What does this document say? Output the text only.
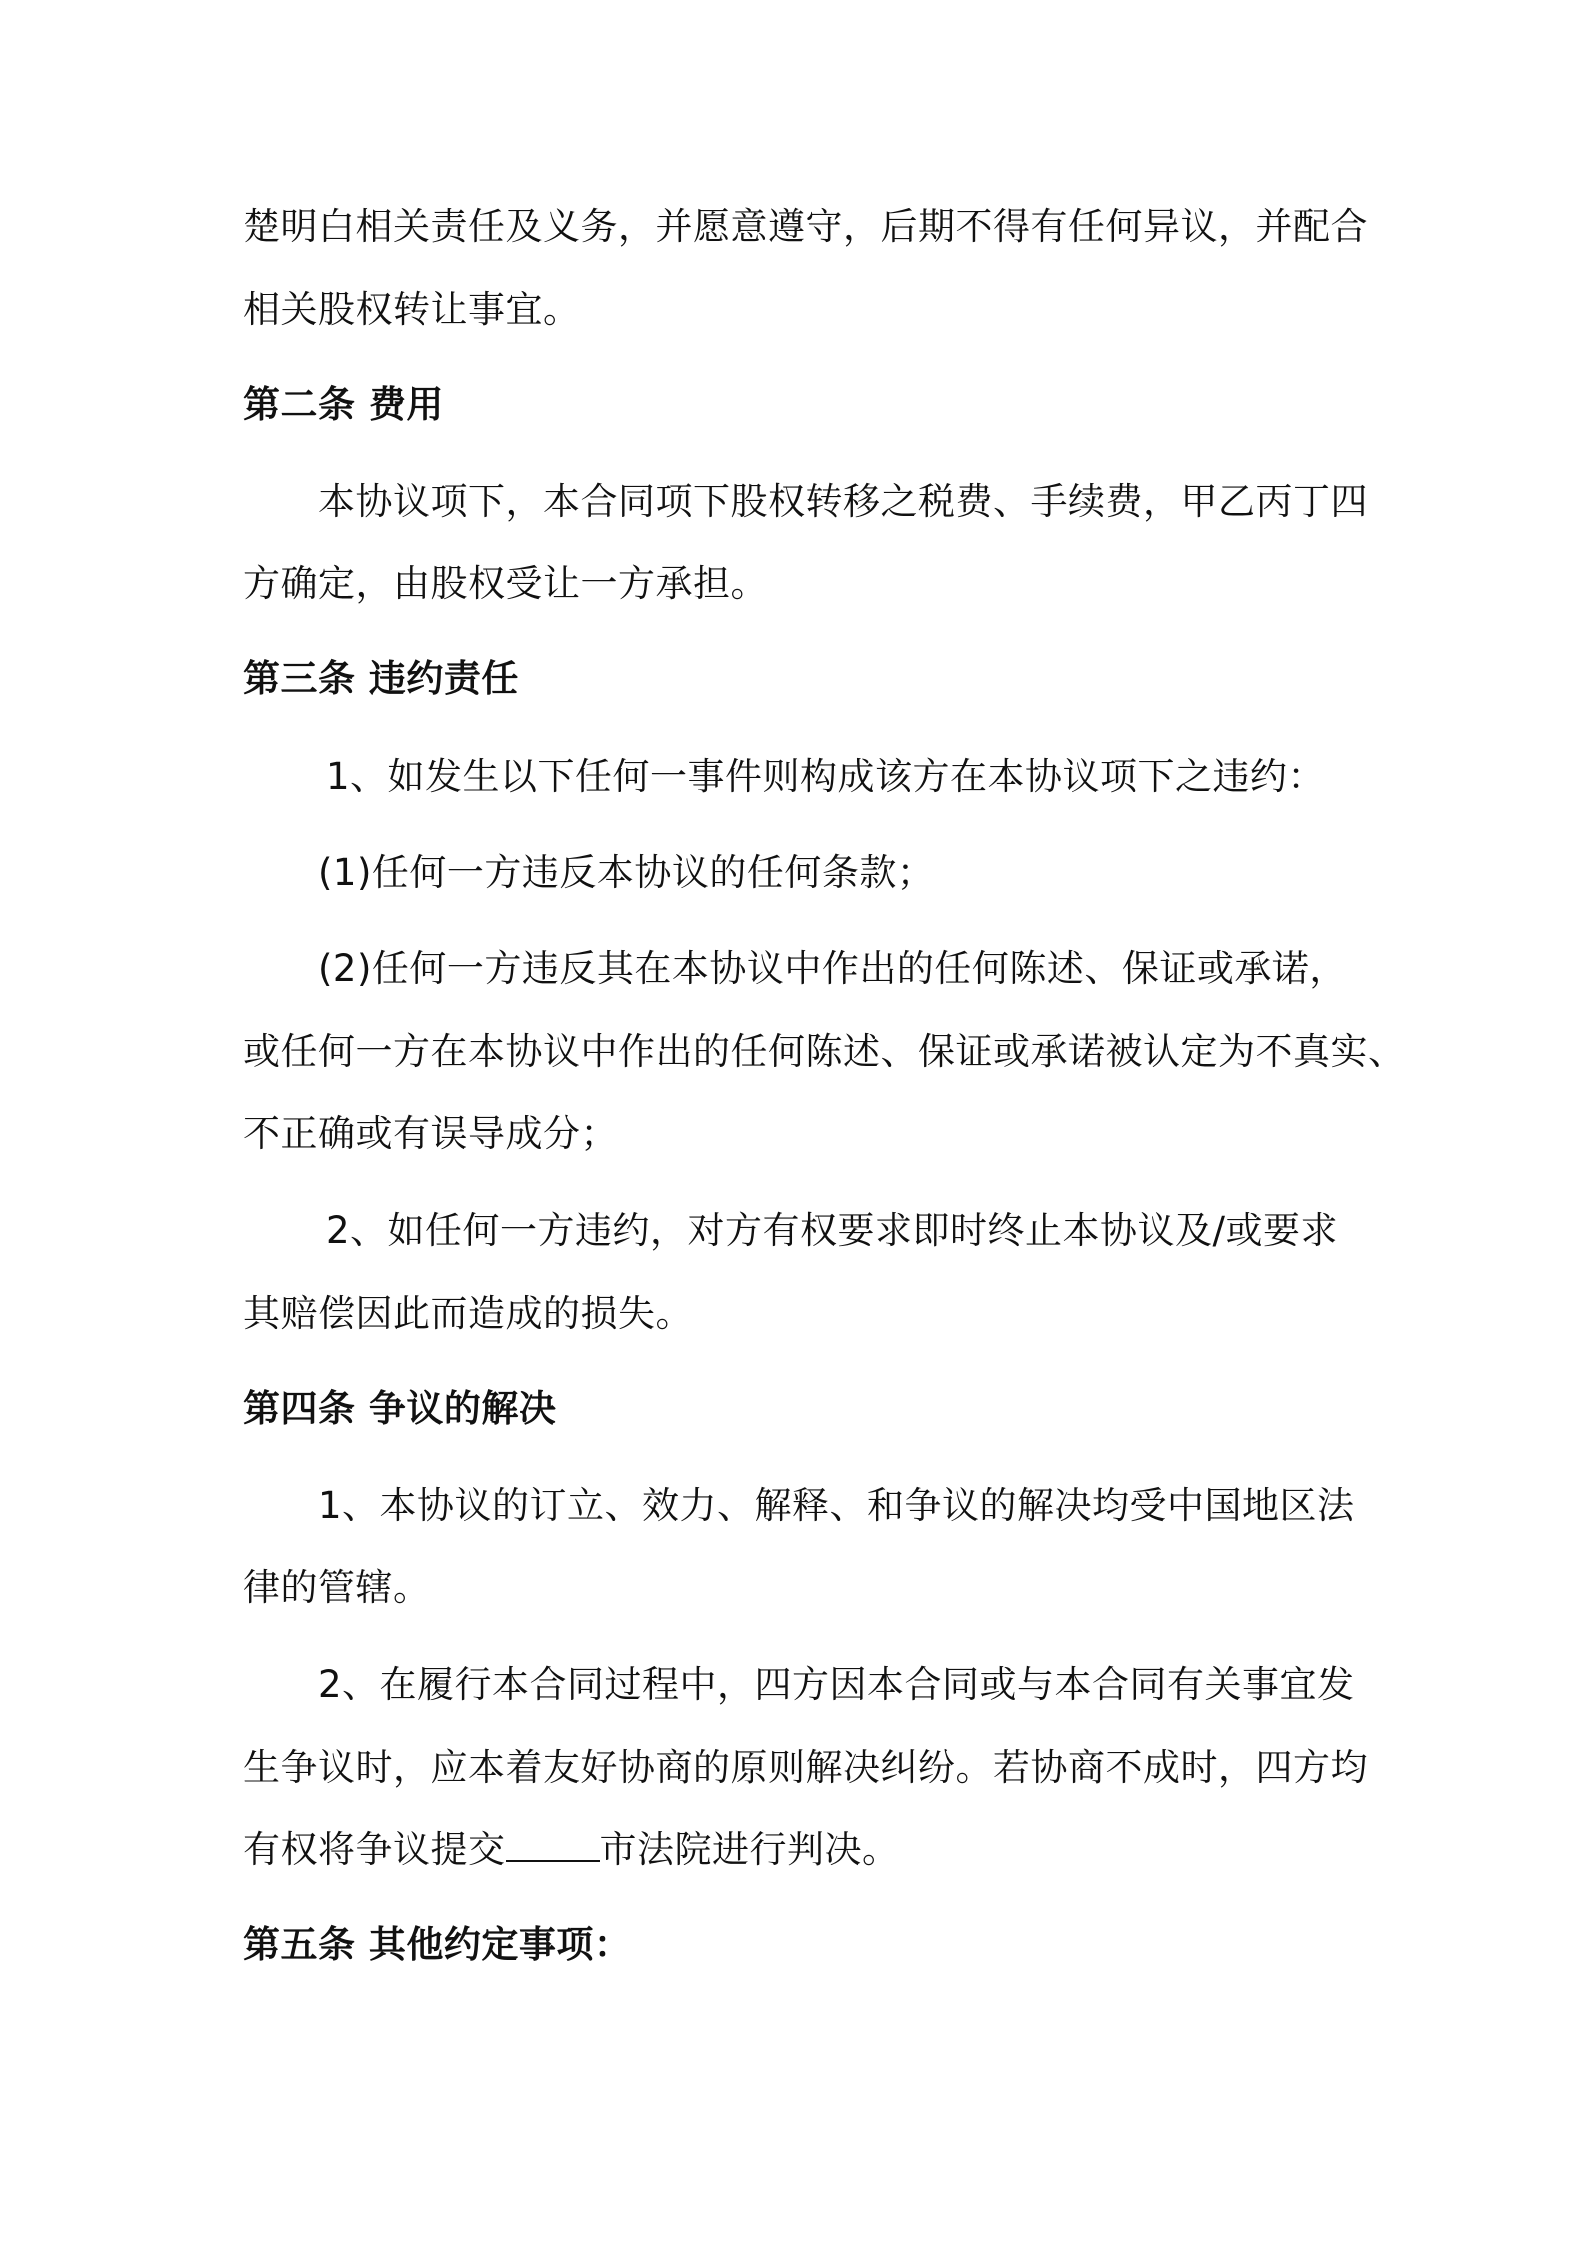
楚明白相关责任及义务，并愿意遵守，后期不得有任何异议，并配合

相关股权转让事宜。

第二条 费用

本协议项下，本合同项下股权转移之税费、手续费，甲乙丙丁四

方确定，由股权受让一方承担。

第三条 违约责任

1、如发生以下任何一事件则构成该方在本协议项下之违约：

(1)任何一方违反本协议的任何条款；

(2)任何一方违反其在本协议中作出的任何陈述、保证或承诺，

或任何一方在本协议中作出的任何陈述、保证或承诺被认定为不真实、

不正确或有误导成分；

2、如任何一方违约，对方有权要求即时终止本协议及/或要求

其赔偿因此而造成的损失。

第四条 争议的解决

1、本协议的订立、效力、解释、和争议的解决均受中国地区法

律的管辖。

2、在履行本合同过程中，四方因本合同或与本合同有关事宜发

生争议时，应本着友好协商的原则解决纠纷。若协商不成时，四方均

有权将争议提交	市法院进行判决。

第五条 其他约定事项：
